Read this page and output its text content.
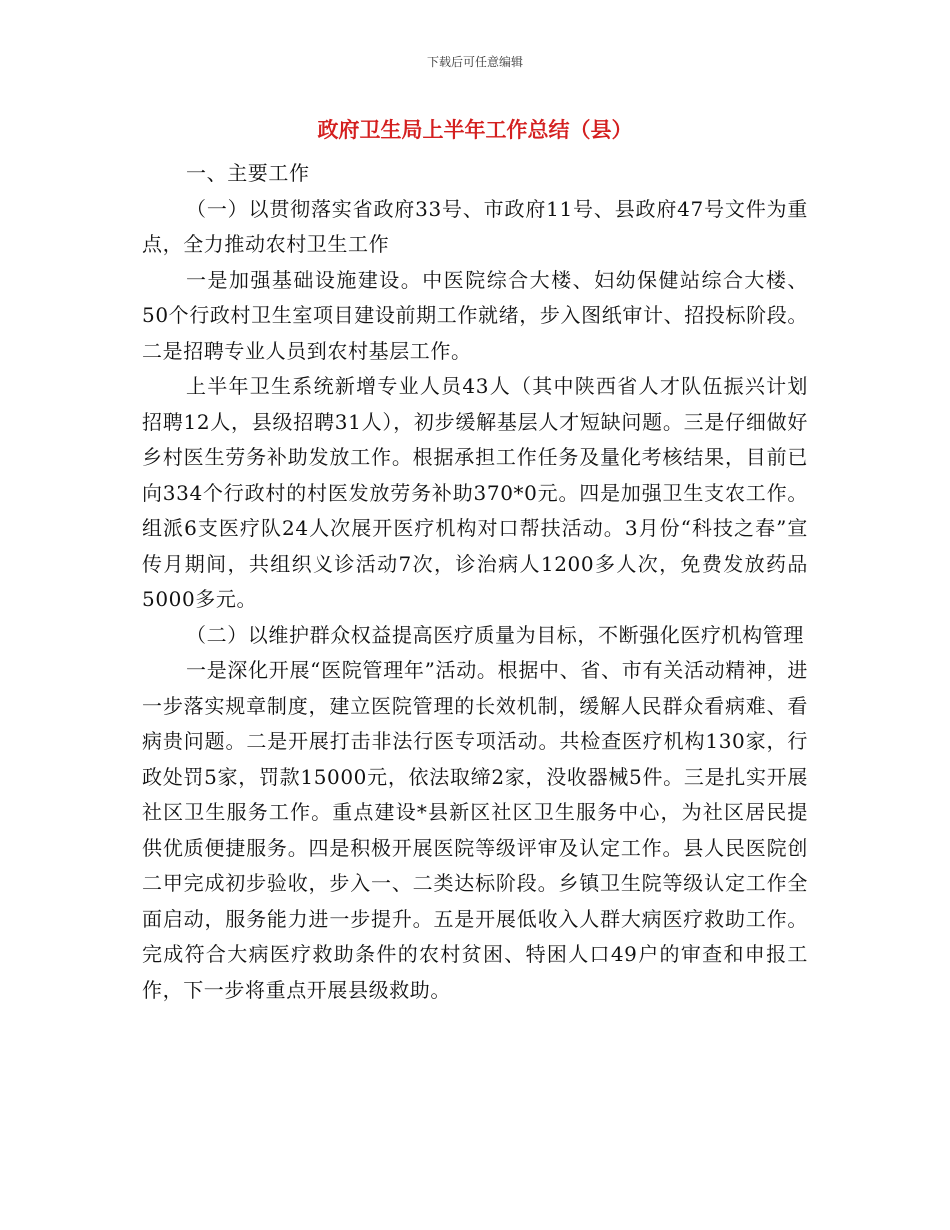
下载后可任意编辑
政府卫生局上半年工作总结（县）

一、主要工作

（一）以贯彻落实省政府33号、市政府11号、县政府47号文件为重点，全力推动农村卫生工作

一是加强基础设施建设。中医院综合大楼、妇幼保健站综合大楼、50个行政村卫生室项目建设前期工作就绪，步入图纸审计、招投标阶段。二是招聘专业人员到农村基层工作。

上半年卫生系统新增专业人员43人（其中陕西省人才队伍振兴计划招聘12人，县级招聘31人），初步缓解基层人才短缺问题。三是仔细做好乡村医生劳务补助发放工作。根据承担工作任务及量化考核结果，目前已向334个行政村的村医发放劳务补助370*0元。四是加强卫生支农工作。组派6支医疗队24人次展开医疗机构对口帮扶活动。3月份“科技之春”宣传月期间，共组织义诊活动7次，诊治病人1200多人次，免费发放药品5000多元。

（二）以维护群众权益提高医疗质量为目标，不断强化医疗机构管理

一是深化开展“医院管理年”活动。根据中、省、市有关活动精神，进一步落实规章制度，建立医院管理的长效机制，缓解人民群众看病难、看病贵问题。二是开展打击非法行医专项活动。共检查医疗机构130家，行政处罚5家，罚款15000元，依法取缔2家，没收器械5件。三是扎实开展社区卫生服务工作。重点建设*县新区社区卫生服务中心，为社区居民提供优质便捷服务。四是积极开展医院等级评审及认定工作。县人民医院创二甲完成初步验收，步入一、二类达标阶段。乡镇卫生院等级认定工作全面启动，服务能力进一步提升。五是开展低收入人群大病医疗救助工作。完成符合大病医疗救助条件的农村贫困、特困人口49户的审查和申报工作，下一步将重点开展县级救助。
